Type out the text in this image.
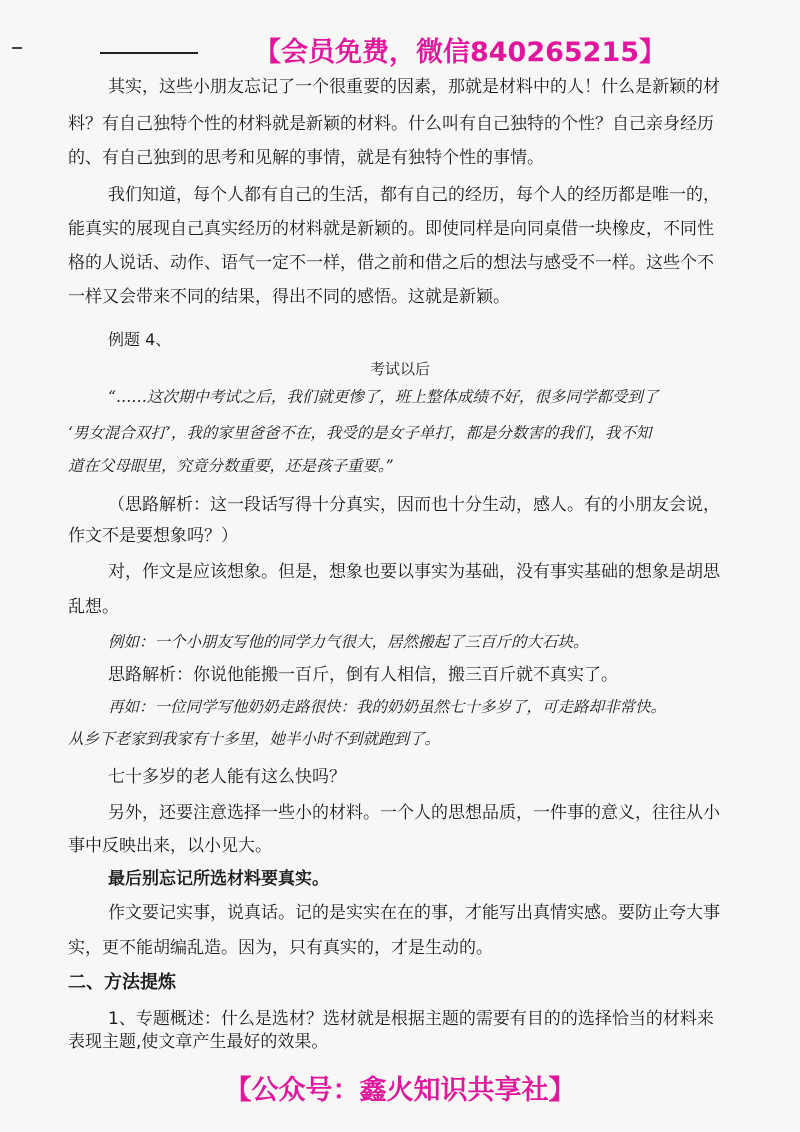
【会员免费，微信840265215】
其实，这些小朋友忘记了一个很重要的因素，那就是材料中的人！什么是新颖的材
料？有自己独特个性的材料就是新颖的材料。什么叫有自己独特的个性？自己亲身经历
的、有自己独到的思考和见解的事情，就是有独特个性的事情。
我们知道，每个人都有自己的生活，都有自己的经历，每个人的经历都是唯一的，
能真实的展现自己真实经历的材料就是新颖的。即使同样是向同桌借一块橡皮，不同性
格的人说话、动作、语气一定不一样，借之前和借之后的想法与感受不一样。这些个不
一样又会带来不同的结果，得出不同的感悟。这就是新颖。
例题 4、
考试以后
“……这次期中考试之后，我们就更惨了，班上整体成绩不好，很多同学都受到了
‘男女混合双打’，我的家里爸爸不在，我受的是女子单打，都是分数害的我们，我不知
道在父母眼里，究竟分数重要，还是孩子重要。”
（思路解析：这一段话写得十分真实，因而也十分生动，感人。有的小朋友会说，
作文不是要想象吗？）
对，作文是应该想象。但是，想象也要以事实为基础，没有事实基础的想象是胡思
乱想。
例如：一个小朋友写他的同学力气很大，居然搬起了三百斤的大石块。
思路解析：你说他能搬一百斤，倒有人相信，搬三百斤就不真实了。
再如：一位同学写他奶奶走路很快：我的奶奶虽然七十多岁了，可走路却非常快。
从乡下老家到我家有十多里，她半小时不到就跑到了。
七十多岁的老人能有这么快吗？
另外，还要注意选择一些小的材料。一个人的思想品质，一件事的意义，往往从小
事中反映出来，以小见大。
最后别忘记所选材料要真实。
作文要记实事，说真话。记的是实实在在的事，才能写出真情实感。要防止夸大事
实，更不能胡编乱造。因为，只有真实的，才是生动的。
二、方法提炼
1、专题概述：什么是选材？选材就是根据主题的需要有目的的选择恰当的材料来
表现主题,使文章产生最好的效果。
【公众号：鑫火知识共享社】
